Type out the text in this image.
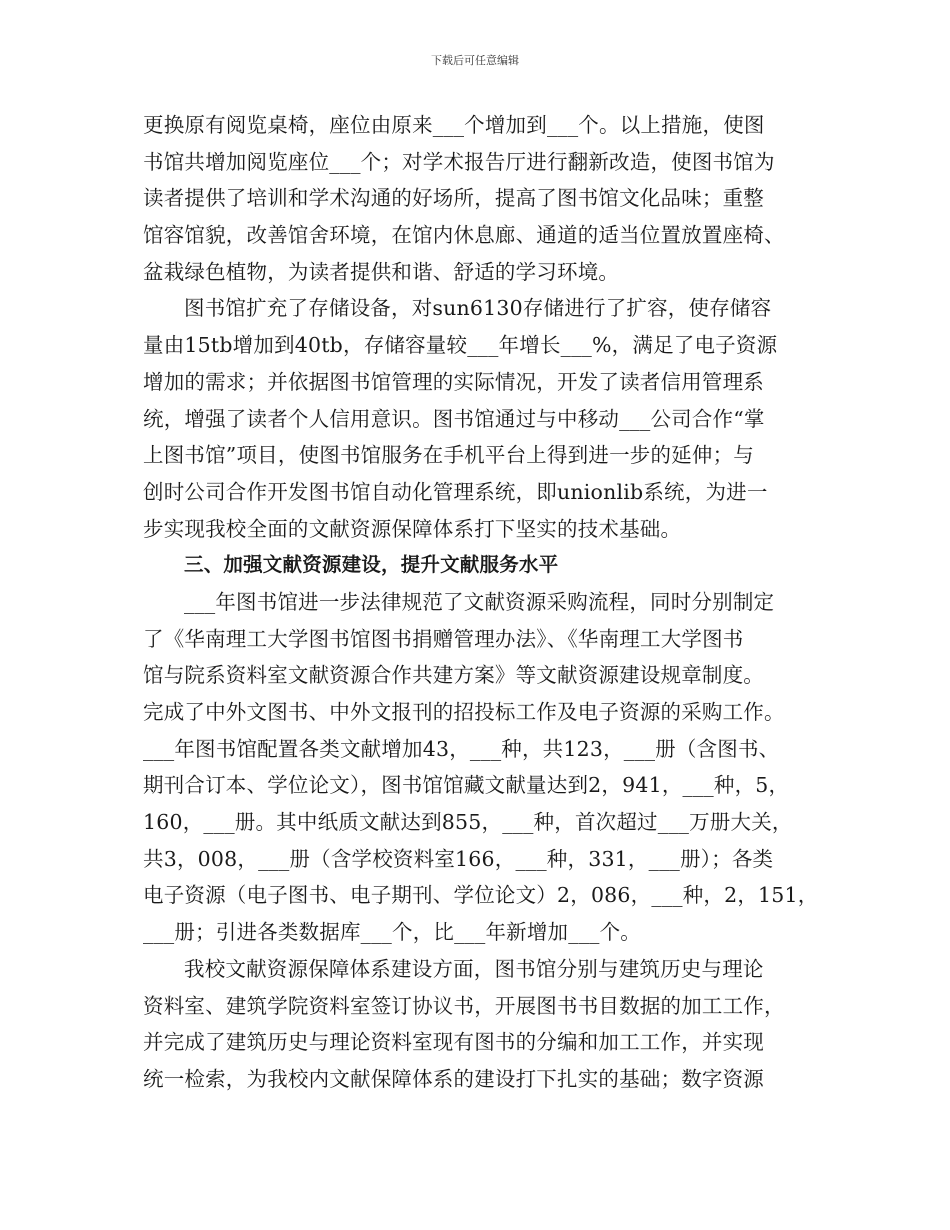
下载后可任意编辑
更换原有阅览桌椅，座位由原来___个增加到___个。以上措施，使图
书馆共增加阅览座位___个；对学术报告厅进行翻新改造，使图书馆为
读者提供了培训和学术沟通的好场所，提高了图书馆文化品味；重整
馆容馆貌，改善馆舍环境，在馆内休息廊、通道的适当位置放置座椅、
盆栽绿色植物，为读者提供和谐、舒适的学习环境。
图书馆扩充了存储设备，对sun6130存储进行了扩容，使存储容
量由15tb增加到40tb，存储容量较___年增长___%，满足了电子资源
增加的需求；并依据图书馆管理的实际情况，开发了读者信用管理系
统，增强了读者个人信用意识。图书馆通过与中移动___公司合作“掌
上图书馆”项目，使图书馆服务在手机平台上得到进一步的延伸；与
创时公司合作开发图书馆自动化管理系统，即unionlib系统，为进一
步实现我校全面的文献资源保障体系打下坚实的技术基础。
三、加强文献资源建设，提升文献服务水平
___年图书馆进一步法律规范了文献资源采购流程，同时分别制定
了《华南理工大学图书馆图书捐赠管理办法》、《华南理工大学图书
馆与院系资料室文献资源合作共建方案》等文献资源建设规章制度。
完成了中外文图书、中外文报刊的招投标工作及电子资源的采购工作。
___年图书馆配置各类文献增加43，___种，共123，___册（含图书、
期刊合订本、学位论文），图书馆馆藏文献量达到2，941，___种，5，
160，___册。其中纸质文献达到855，___种，首次超过___万册大关，
共3，008，___册（含学校资料室166，___种，331，___册）；各类
电子资源（电子图书、电子期刊、学位论文）2，086，___种，2，151，
___册；引进各类数据库___个，比___年新增加___个。
我校文献资源保障体系建设方面，图书馆分别与建筑历史与理论
资料室、建筑学院资料室签订协议书，开展图书书目数据的加工工作，
并完成了建筑历史与理论资料室现有图书的分编和加工工作，并实现
统一检索，为我校内文献保障体系的建设打下扎实的基础；数字资源
